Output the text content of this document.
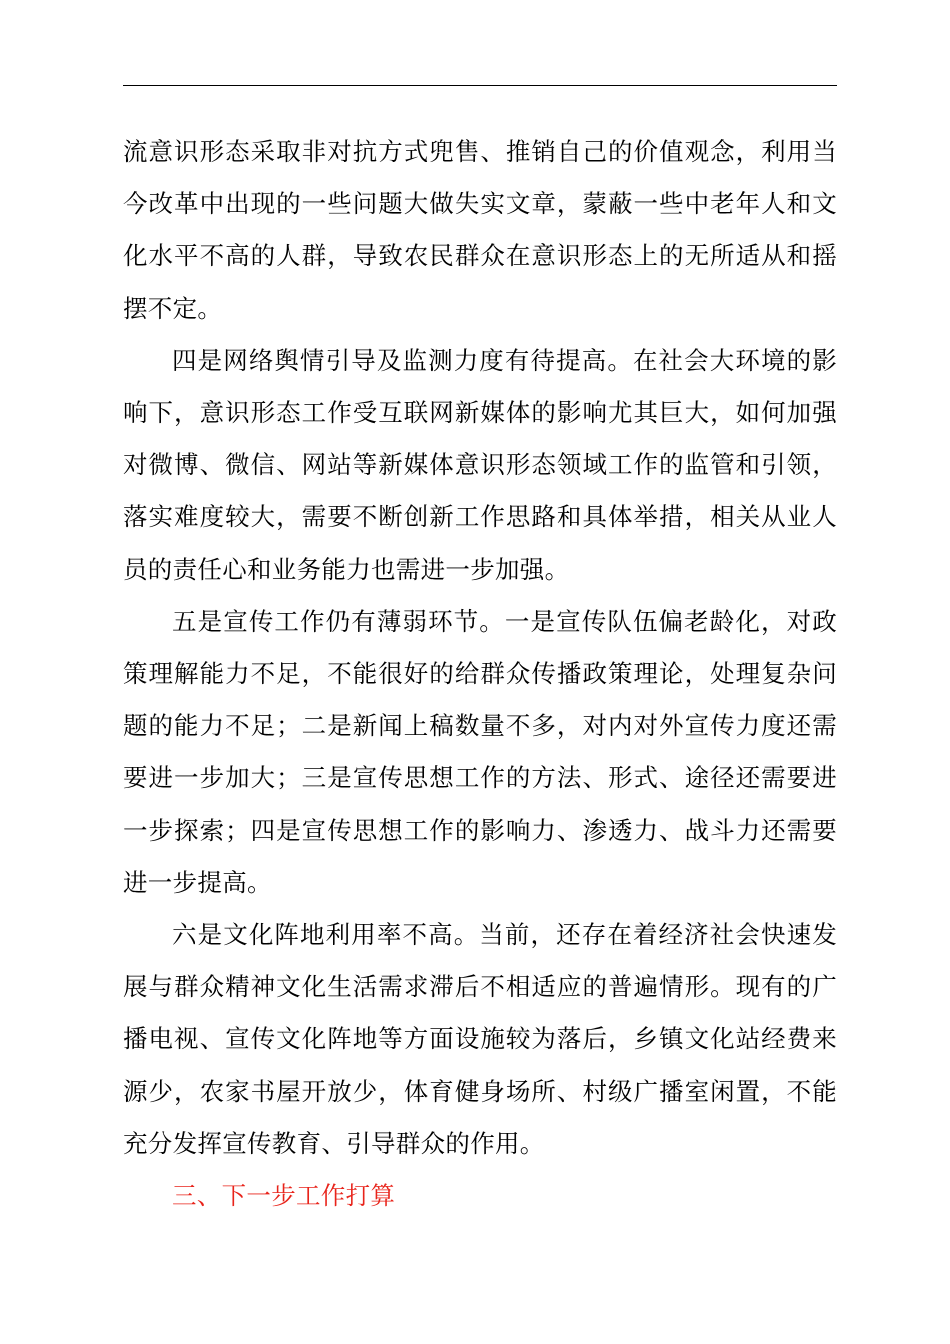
流意识形态采取非对抗方式兜售、推销自己的价值观念，利用当今改革中出现的一些问题大做失实文章，蒙蔽一些中老年人和文化水平不高的人群，导致农民群众在意识形态上的无所适从和摇摆不定。

四是网络舆情引导及监测力度有待提高。在社会大环境的影响下，意识形态工作受互联网新媒体的影响尤其巨大，如何加强对微博、微信、网站等新媒体意识形态领域工作的监管和引领，落实难度较大，需要不断创新工作思路和具体举措，相关从业人员的责任心和业务能力也需进一步加强。

五是宣传工作仍有薄弱环节。一是宣传队伍偏老龄化，对政策理解能力不足，不能很好的给群众传播政策理论，处理复杂问题的能力不足；二是新闻上稿数量不多，对内对外宣传力度还需要进一步加大；三是宣传思想工作的方法、形式、途径还需要进一步探索；四是宣传思想工作的影响力、渗透力、战斗力还需要进一步提高。

六是文化阵地利用率不高。当前，还存在着经济社会快速发展与群众精神文化生活需求滞后不相适应的普遍情形。现有的广播电视、宣传文化阵地等方面设施较为落后，乡镇文化站经费来源少，农家书屋开放少，体育健身场所、村级广播室闲置，不能充分发挥宣传教育、引导群众的作用。

三、下一步工作打算
